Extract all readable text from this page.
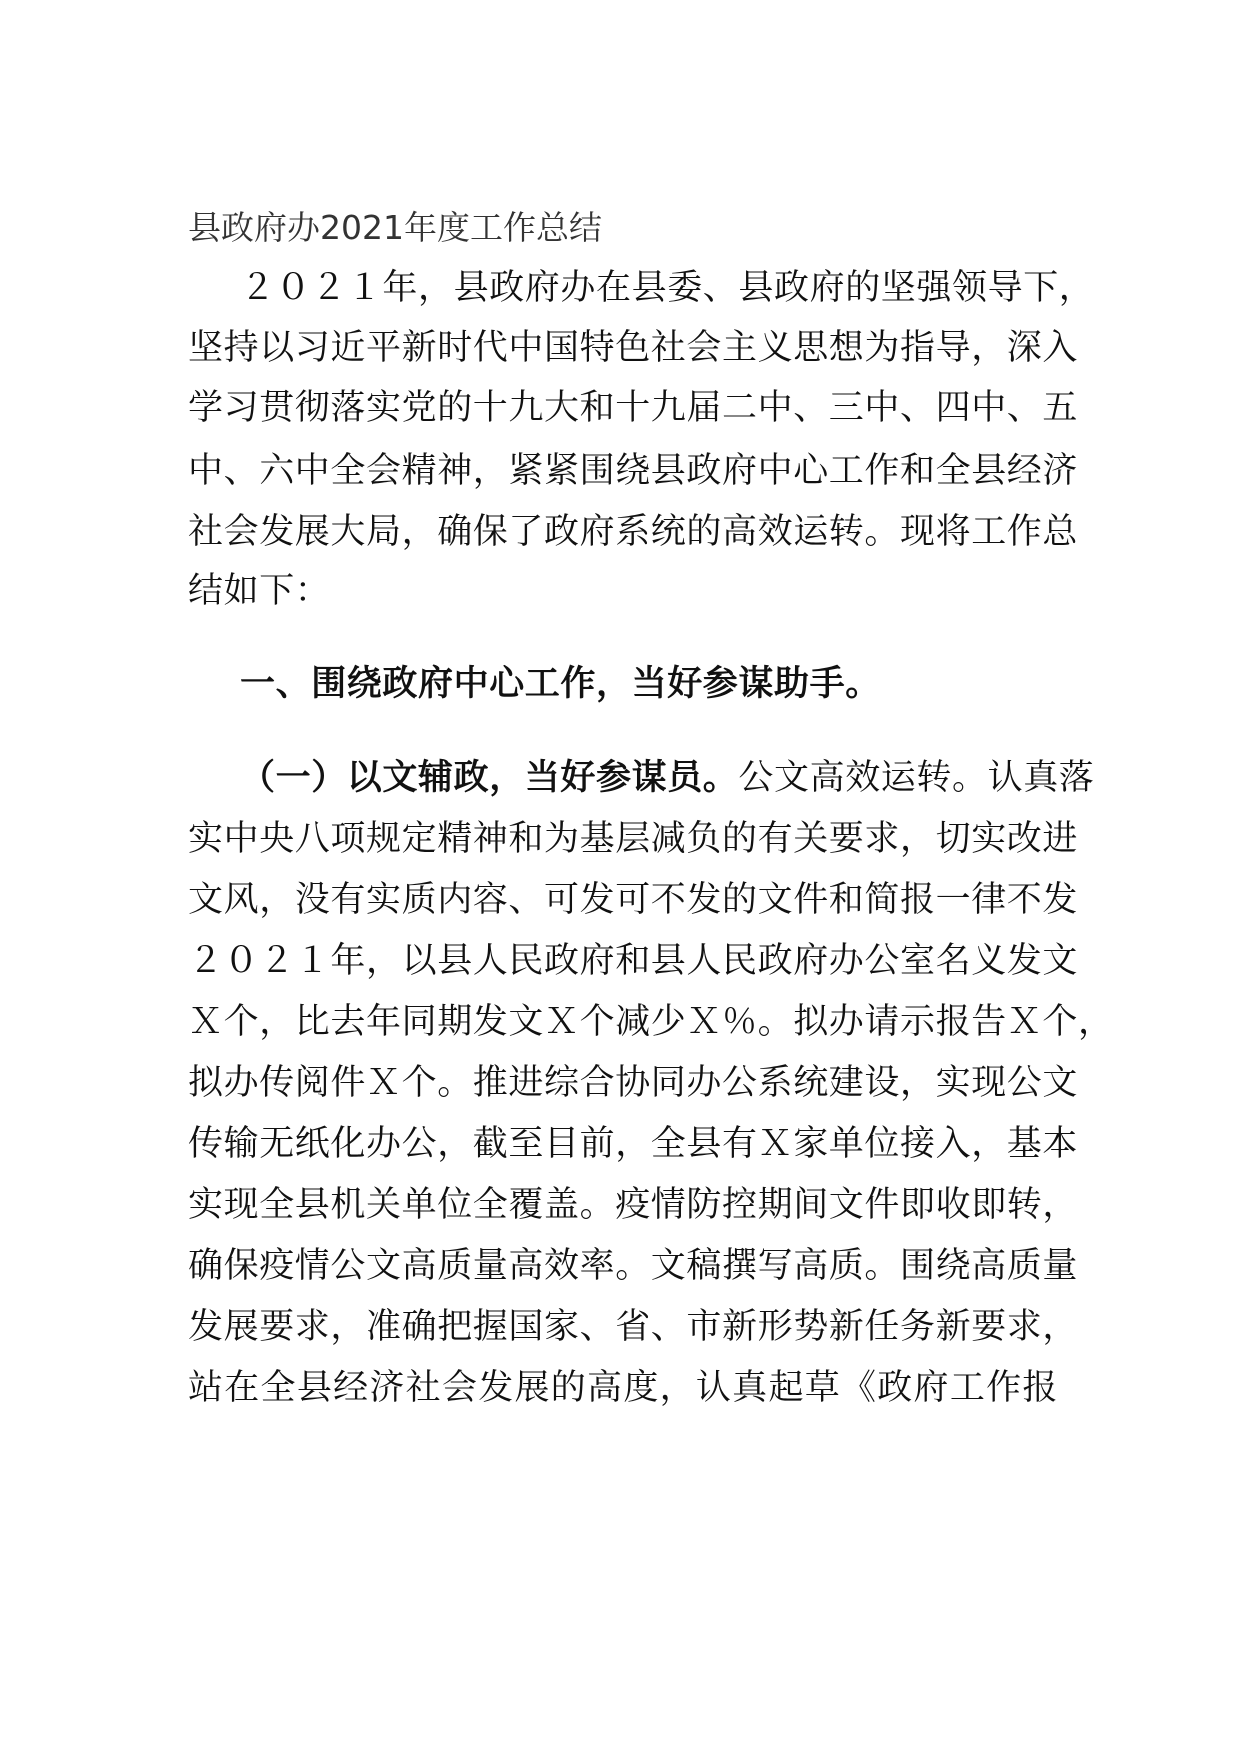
县政府办2021年度工作总结
２０２１年，县政府办在县委、县政府的坚强领导下，
坚持以习近平新时代中国特色社会主义思想为指导，深入
学习贯彻落实党的十九大和十九届二中、三中、四中、五
中、六中全会精神，紧紧围绕县政府中心工作和全县经济
社会发展大局，确保了政府系统的高效运转。现将工作总
结如下：
一、围绕政府中心工作，当好参谋助手。
（一）以文辅政，当好参谋员。公文高效运转。认真落
实中央八项规定精神和为基层减负的有关要求，切实改进
文风，没有实质内容、可发可不发的文件和简报一律不发
２０２１年，以县人民政府和县人民政府办公室名义发文
Ｘ个，比去年同期发文Ｘ个减少Ｘ％。拟办请示报告Ｘ个，
拟办传阅件Ｘ个。推进综合协同办公系统建设，实现公文
传输无纸化办公，截至目前，全县有Ｘ家单位接入，基本
实现全县机关单位全覆盖。疫情防控期间文件即收即转，
确保疫情公文高质量高效率。文稿撰写高质。围绕高质量
发展要求，准确把握国家、省、市新形势新任务新要求，
站在全县经济社会发展的高度，认真起草《政府工作报
